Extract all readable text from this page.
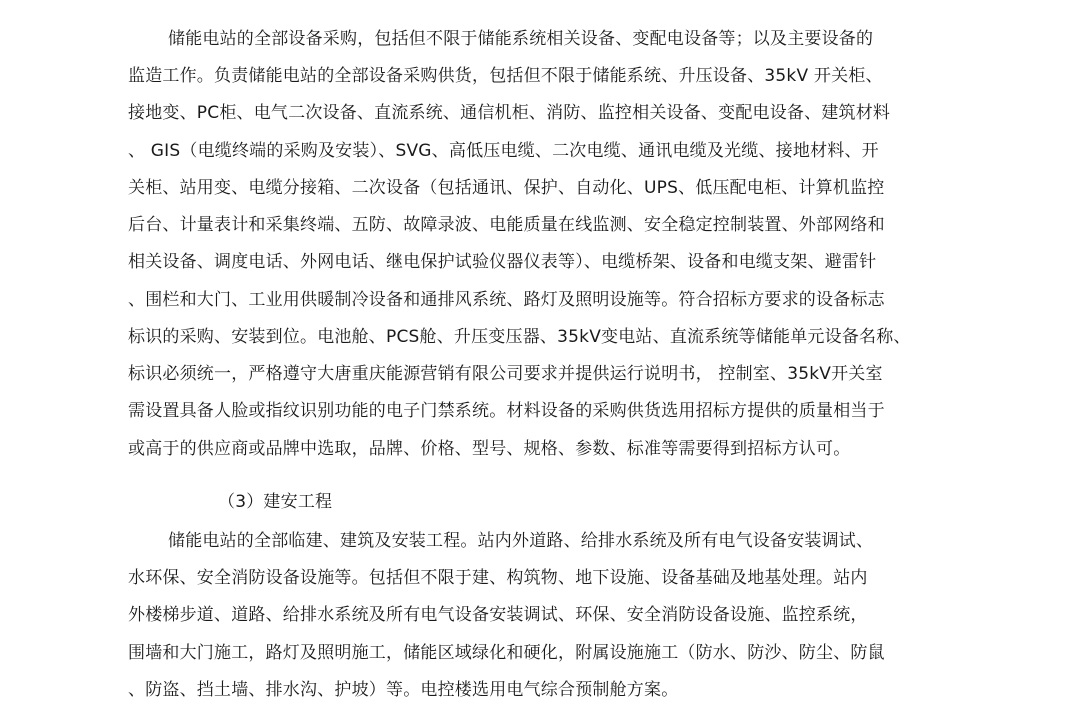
储能电站的全部设备采购，包括但不限于储能系统相关设备、变配电设备等；以及主要设备的
监造工作。负责储能电站的全部设备采购供货，包括但不限于储能系统、升压设备、35kV 开关柜、
接地变、PC柜、电气二次设备、直流系统、通信机柜、消防、监控相关设备、变配电设备、建筑材料
、 GIS（电缆终端的采购及安装）、SVG、高低压电缆、二次电缆、通讯电缆及光缆、接地材料、开
关柜、站用变、电缆分接箱、二次设备（包括通讯、保护、自动化、UPS、低压配电柜、计算机监控
后台、计量表计和采集终端、五防、故障录波、电能质量在线监测、安全稳定控制装置、外部网络和
相关设备、调度电话、外网电话、继电保护试验仪器仪表等）、电缆桥架、设备和电缆支架、避雷针
、围栏和大门、工业用供暖制冷设备和通排风系统、路灯及照明设施等。符合招标方要求的设备标志
标识的采购、安装到位。电池舱、PCS舱、升压变压器、35kV变电站、直流系统等储能单元设备名称、
标识必须统一，严格遵守大唐重庆能源营销有限公司要求并提供运行说明书， 控制室、35kV开关室
需设置具备人脸或指纹识别功能的电子门禁系统。材料设备的采购供货选用招标方提供的质量相当于
或高于的供应商或品牌中选取，品牌、价格、型号、规格、参数、标准等需要得到招标方认可。
（3）建安工程
储能电站的全部临建、建筑及安装工程。站内外道路、给排水系统及所有电气设备安装调试、
水环保、安全消防设备设施等。包括但不限于建、构筑物、地下设施、设备基础及地基处理。站内
外楼梯步道、道路、给排水系统及所有电气设备安装调试、环保、安全消防设备设施、监控系统，
围墙和大门施工，路灯及照明施工，储能区域绿化和硬化，附属设施施工（防水、防沙、防尘、防鼠
、防盗、挡土墙、排水沟、护坡）等。电控楼选用电气综合预制舱方案。
